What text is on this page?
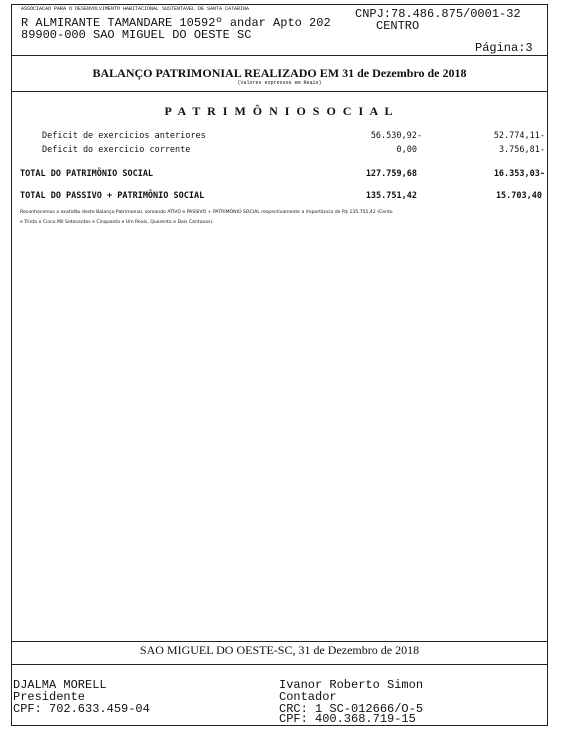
ASSOCIACAO PARA O DESENVOLVIMENTO HABITACIONAL SUSTENTAVEL DE SANTA CATARINA
R ALMIRANTE TAMANDARE 10592º andar Apto 202
89900-000 SAO MIGUEL DO OESTE SC
CNPJ:78.486.875/0001-32
CENTRO
Página:3
BALANÇO PATRIMONIAL REALIZADO EM 31 de Dezembro de 2018
(Valores expressos em Reais)
P A T R I M Ô N I O S O C I A L
Deficit de exercicios anteriores	56.530,92-	52.774,11-
Deficit do exercicio corrente	0,00	3.756,81-
TOTAL DO PATRIMÔNIO SOCIAL	127.759,68	16.353,03-
TOTAL DO PASSIVO + PATRIMÔNIO SOCIAL	135.751,42	15.703,40
Reconhecemos a exatidão deste Balanço Patrimonial, somando ATIVO e PASSIVO + PATRIMÔNIO SOCIAL respectivamente a importância de R$ 135.751,42 (Cento
e Trinta e Cinco Mil Setecentos e Cinquenta e Um Reais, Quarenta e Dois Centavos).
SAO MIGUEL DO OESTE-SC, 31 de Dezembro de 2018
DJALMA MORELL
Presidente
CPF: 702.633.459-04
Ivanor Roberto Simon
Contador
CRC: 1 SC-012666/O-5
CPF: 400.368.719-15
